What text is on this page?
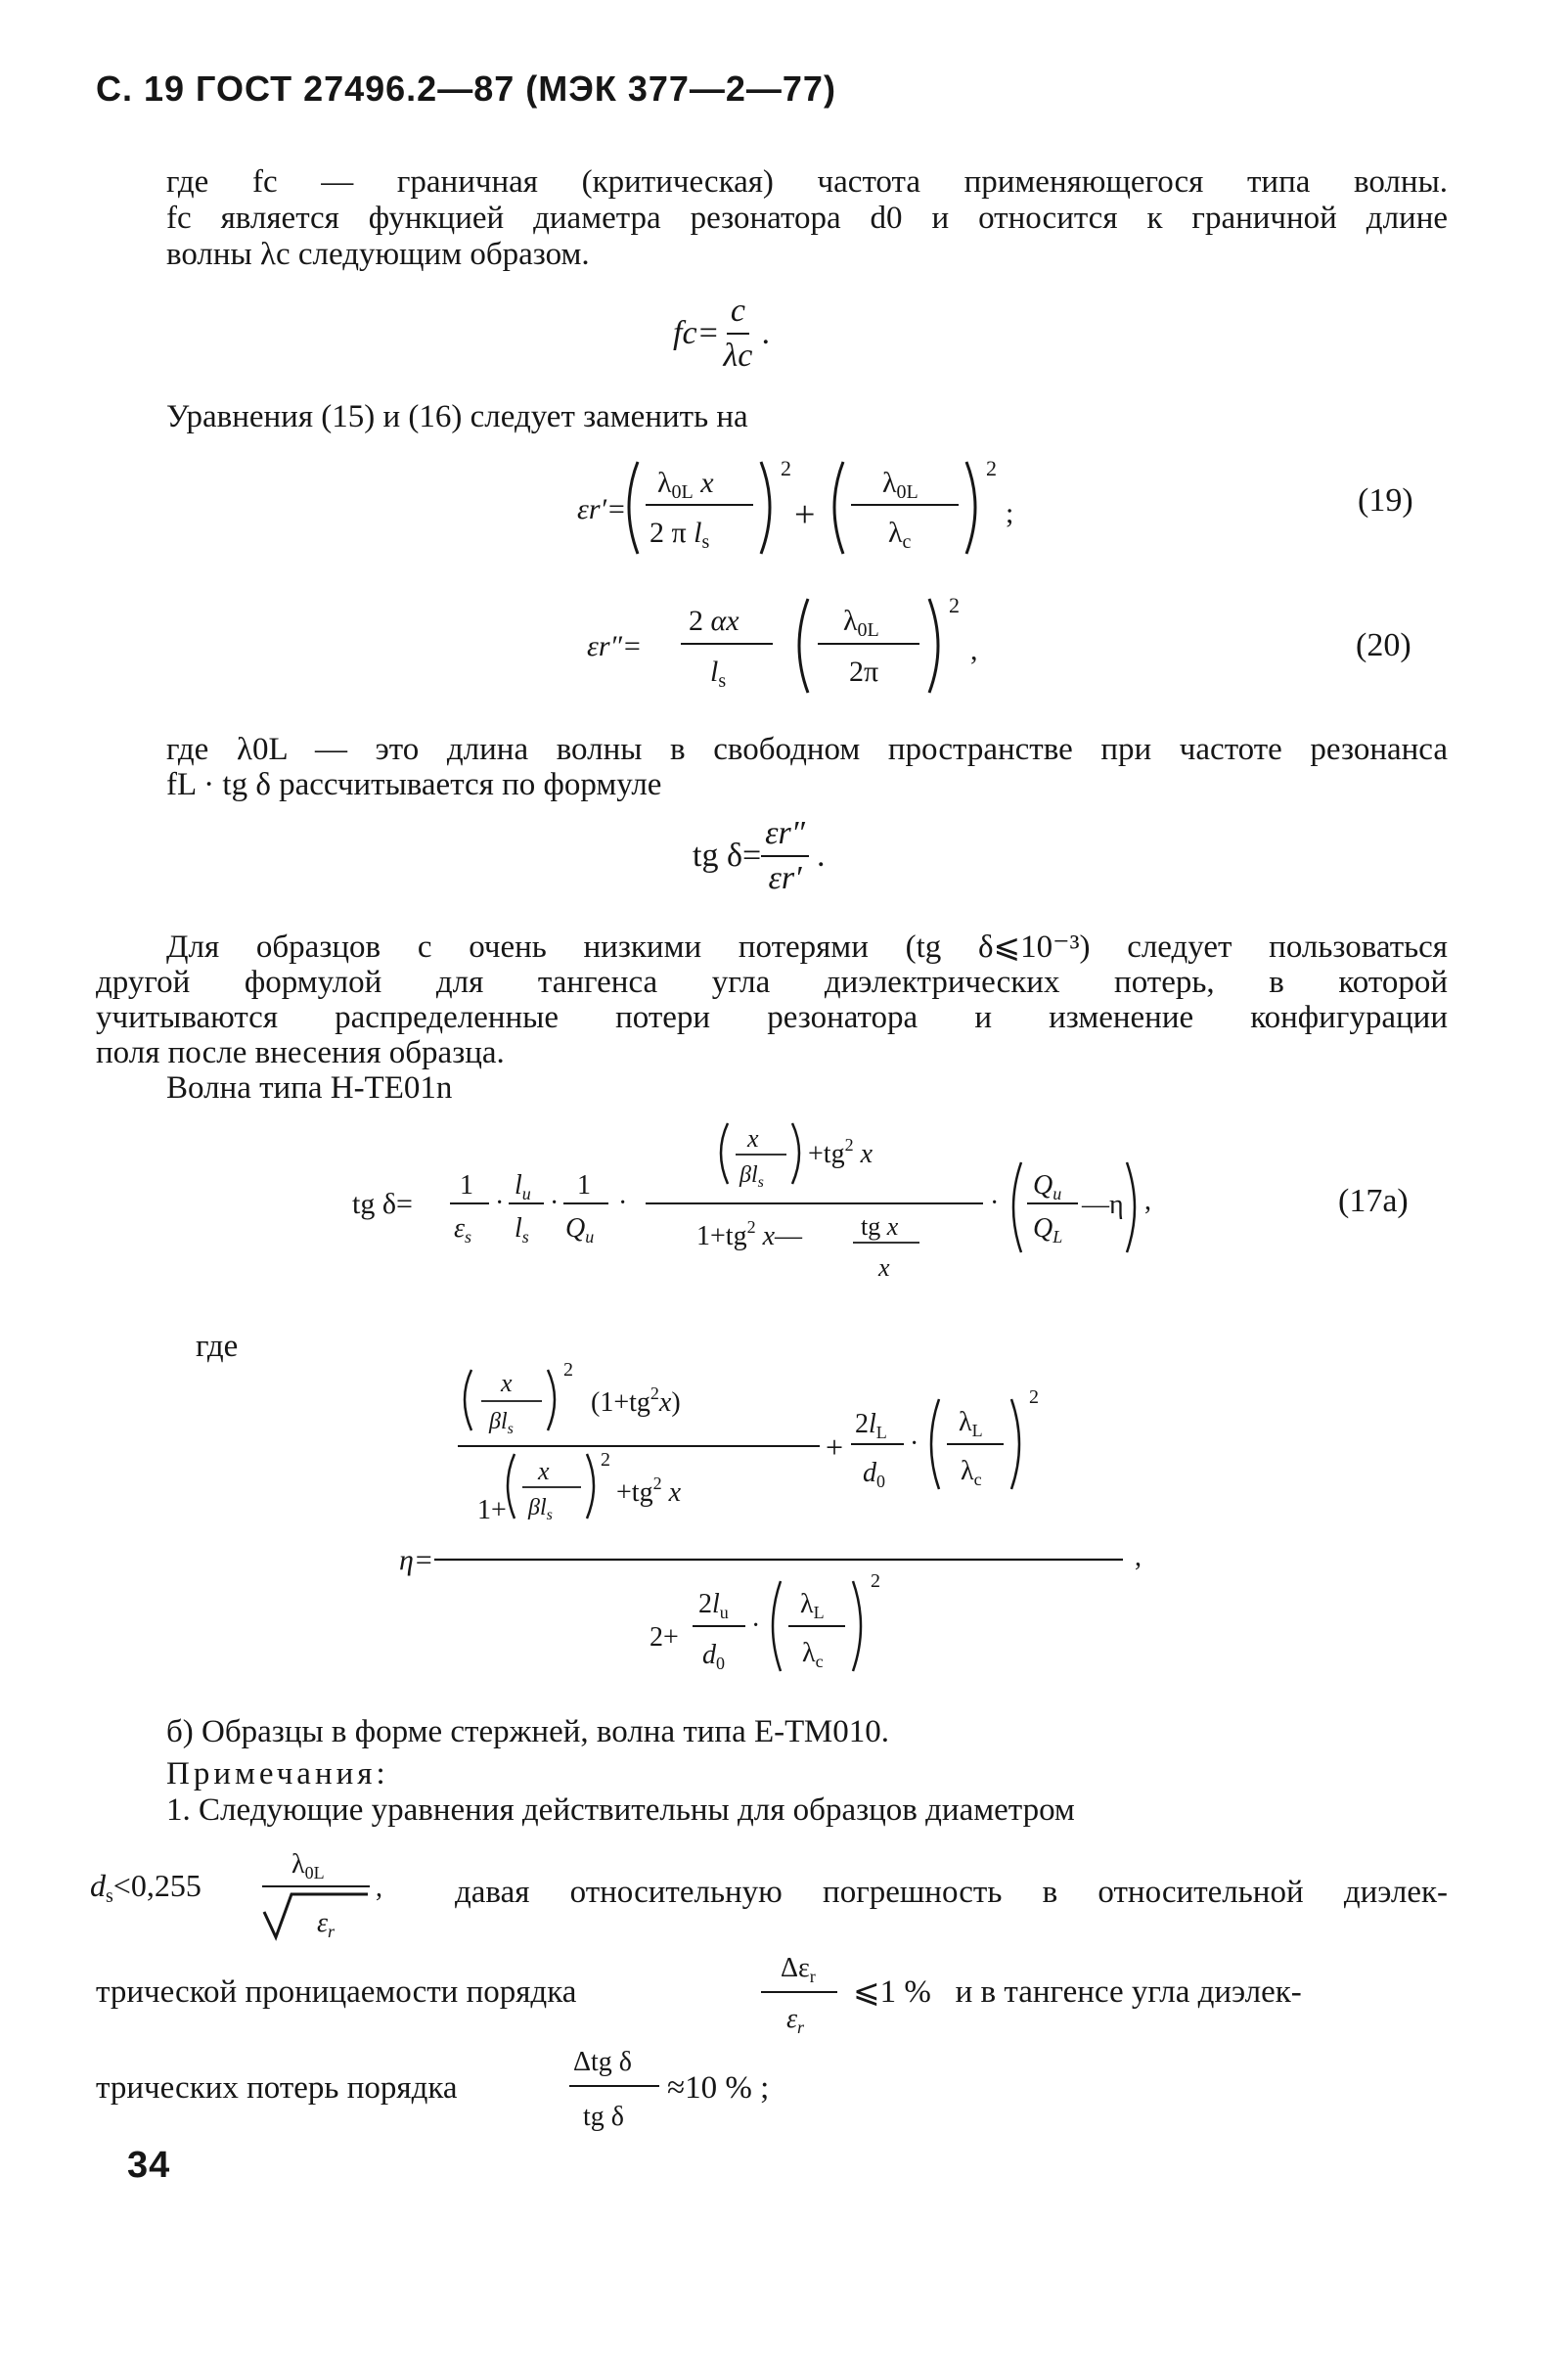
С. 19 ГОСТ 27496.2—87 (МЭК 377—2—77)
где fc — граничная (критическая) частота применяющегося типа волны.
fc является функцией диаметра резонатора d0 и относится к граничной длине
волны λc следующим образом.
$fc= \frac{c}{\lambda c}$ .
Уравнения (15) и (16) следует заменить на
εr′=
$\lambda_{0L}$ x
2 π $l_s$
2
+
$\lambda_{0L}$
$\lambda_c$
2
;	(19)
εr″=
2 αx
$l_s$
$\lambda_{0L}$
2π
2
,	(20)
где λ0L — это длина волны в свободном пространстве при частоте резонанса
fL · tg δ рассчитывается по формуле
tg $\delta= \frac{\varepsilon r''}{\varepsilon r'}$ .
Для образцов с очень низкими потерями (tg δ⩽10⁻³) следует пользоваться
другой формулой для тангенса угла диэлектрических потерь, в которой
учитываются распределенные потери резонатора и изменение конфигурации
поля после внесения образца.
Волна типа Н-ТЕ01n
tg δ=
1
$\varepsilon_s$
·
$l_u$
$l_s$
·
1
$Q_u$
·
x
$\beta l_s$
$+tg^2$ x
$1+tg^2$ x— tg x
x
·
$Q_u$
$Q_L$
—η ,	(17a)
где
x
$\beta l_s$
2
$(1+tg^2x)$
1+
x
$\beta l_s$
2
$+tg^2$ x
+
$2l_L$
$d_0$
·
$\lambda_L$
$\lambda_c$
2
η=	,
2+
$2l_u$
$d_0$
·
$\lambda_L$
$\lambda_c$
2
б) Образцы в форме стержней, волна типа Е-ТМ010.
Примечания:
1. Следующие уравнения действительны для образцов диаметром
ds<0,255
$\lambda_{0L}$
$\varepsilon_r$
, давая относительную погрешность в относительной диэлек-
трической проницаемости порядка
$\Delta\varepsilon_r$
$\varepsilon_r$
⩽1 %   и в тангенсе угла диэлек-
трических потерь порядка
Δtg δ
tg δ
≈10 % ;
34
